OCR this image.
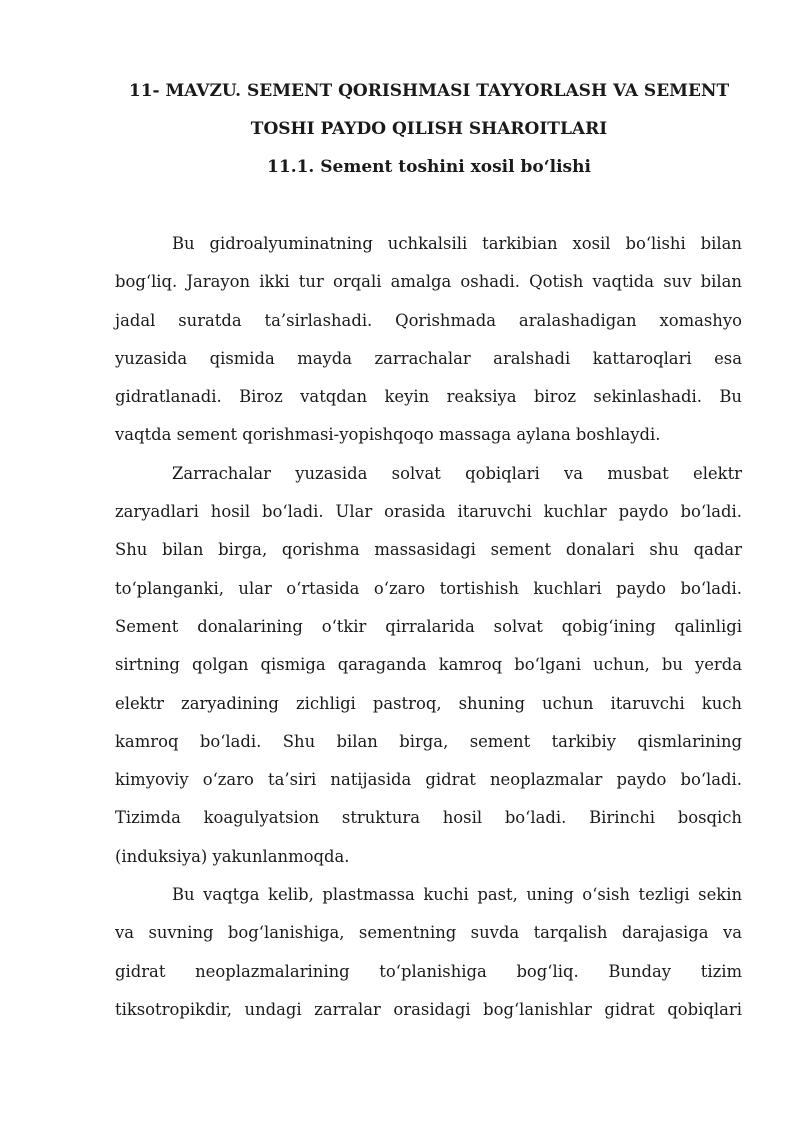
11- MAVZU. SEMENT QORISHMASI TAYYORLASH VA SEMENT
TOSHI PAYDO QILISH SHAROITLARI
11.1. Sement toshini xosil bo‘lishi
Bu gidroalyuminatning uchkalsili tarkibian xosil bo‘lishi bilan
bog‘liq. Jarayon ikki tur orqali amalga oshadi. Qotish vaqtida suv bilan
jadal suratda ta’sirlashadi. Qorishmada aralashadigan xomashyo
yuzasida qismida mayda zarrachalar aralshadi kattaroqlari esa
gidratlanadi. Biroz vatqdan keyin reaksiya biroz sekinlashadi. Bu
vaqtda sement qorishmasi-yopishqoqo massaga aylana boshlaydi.
Zarrachalar yuzasida solvat qobiqlari va musbat elektr
zaryadlari hosil bo‘ladi. Ular orasida itaruvchi kuchlar paydo bo‘ladi.
Shu bilan birga, qorishma massasidagi sement donalari shu qadar
to‘planganki, ular o‘rtasida o‘zaro tortishish kuchlari paydo bo‘ladi.
Sement donalarining o‘tkir qirralarida solvat qobig‘ining qalinligi
sirtning qolgan qismiga qaraganda kamroq bo‘lgani uchun, bu yerda
elektr zaryadining zichligi pastroq, shuning uchun itaruvchi kuch
kamroq bo‘ladi. Shu bilan birga, sement tarkibiy qismlarining
kimyoviy o‘zaro ta’siri natijasida gidrat neoplazmalar paydo bo‘ladi.
Tizimda koagulyatsion struktura hosil bo‘ladi. Birinchi bosqich
(induksiya) yakunlanmoqda.
Bu vaqtga kelib, plastmassa kuchi past, uning o‘sish tezligi sekin
va suvning bog‘lanishiga, sementning suvda tarqalish darajasiga va
gidrat neoplazmalarining to‘planishiga bog‘liq. Bunday tizim
tiksotropikdir, undagi zarralar orasidagi bog‘lanishlar gidrat qobiqlari
